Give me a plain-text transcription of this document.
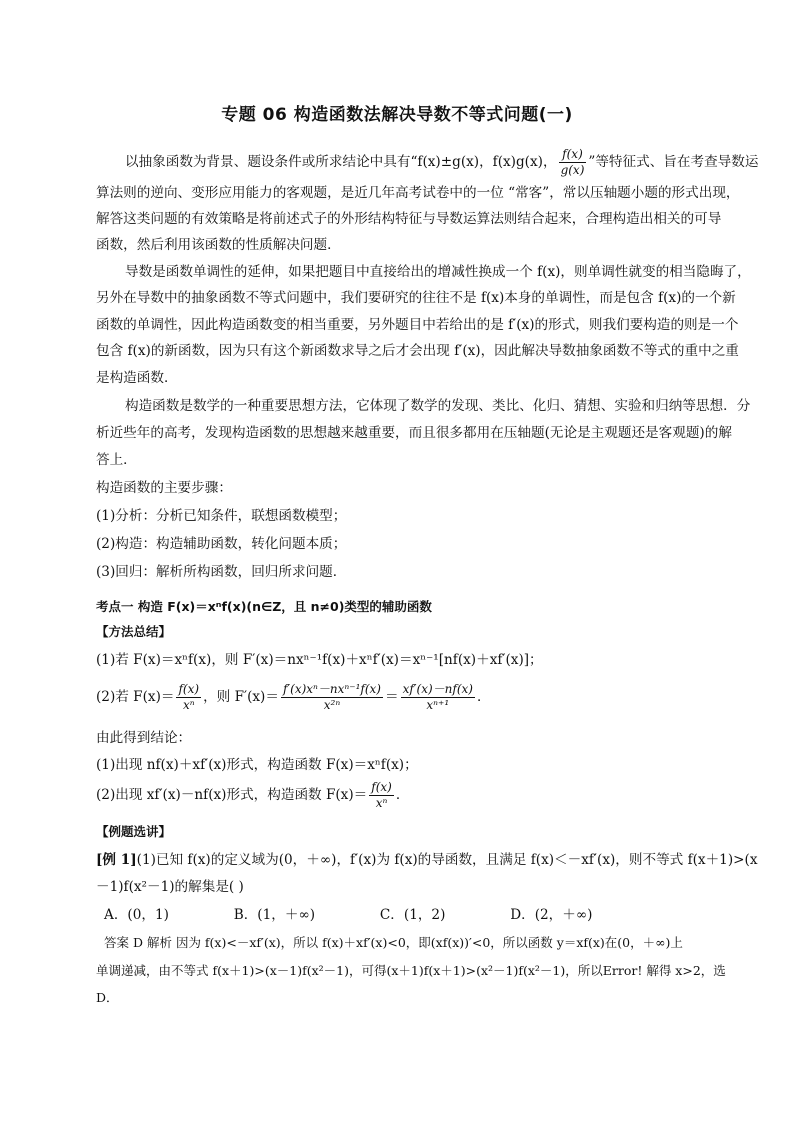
专题 06 构造函数法解决导数不等式问题(一)
以抽象函数为背景、题设条件或所求结论中具有“f(x)±g(x)，f(x)g(x)， $\frac{f(x)}{g(x)}$ ”等特征式、旨在考查导数运
算法则的逆向、变形应用能力的客观题，是近几年高考试卷中的一位 “常客”，常以压轴题小题的形式出现，
解答这类问题的有效策略是将前述式子的外形结构特征与导数运算法则结合起来，合理构造出相关的可导
函数，然后利用该函数的性质解决问题．
导数是函数单调性的延伸，如果把题目中直接给出的增减性换成一个 f(x)，则单调性就变的相当隐晦了，
另外在导数中的抽象函数不等式问题中，我们要研究的往往不是 f(x)本身的单调性，而是包含 f(x)的一个新
函数的单调性，因此构造函数变的相当重要，另外题目中若给出的是 f′(x)的形式，则我们要构造的则是一个
包含 f(x)的新函数，因为只有这个新函数求导之后才会出现 f′(x)，因此解决导数抽象函数不等式的重中之重
是构造函数．
构造函数是数学的一种重要思想方法，它体现了数学的发现、类比、化归、猜想、实验和归纳等思想．分
析近些年的高考，发现构造函数的思想越来越重要，而且很多都用在压轴题(无论是主观题还是客观题)的解
答上．
构造函数的主要步骤：
(1)分析：分析已知条件，联想函数模型；
(2)构造：构造辅助函数，转化问题本质；
(3)回归：解析所构函数，回归所求问题．
考点一 构造 F(x)＝xⁿf(x)(n∈Z，且 n≠0)类型的辅助函数
【方法总结】
(1)若 F(x)＝xⁿf(x)，则 F′(x)＝nxⁿ⁻¹f(x)＋xⁿf′(x)＝xⁿ⁻¹[nf(x)＋xf′(x)]；
(2)若 $F(x)= \frac{f(x)}{\text{xⁿ}}$ ，则 $F'(x)= \frac{\text{f′(x)xⁿ－nxⁿ⁻¹f(x)}}{\text{x²ⁿ}} = \frac{xf'(x)-nf(x)}{\text{xⁿ⁺¹}}$ ．
由此得到结论：
(1)出现 nf(x)＋xf′(x)形式，构造函数 F(x)＝xⁿf(x)；
(2)出现 xf′(x)－nf(x)形式，构造函数 $F(x)= \frac{f(x)}{\text{xⁿ}}$ ．
【例题选讲】
[例 1](1)已知 f(x)的定义域为(0，＋∞)，f′(x)为 f(x)的导函数，且满足 f(x)＜－xf′(x)，则不等式 f(x＋1)>(x
－1)f(x²－1)的解集是( )
A．(0，1)               B．(1，＋∞)               C．(1，2)               D．(2，＋∞)
答案 D 解析 因为 f(x)<－xf′(x)，所以 f(x)＋xf′(x)<0，即(xf(x))′<0，所以函数 y＝xf(x)在(0，＋∞)上
单调递减，由不等式 f(x＋1)>(x－1)f(x²－1)，可得(x＋1)f(x＋1)>(x²－1)f(x²－1)，所以Error! 解得 x>2，选
D．
